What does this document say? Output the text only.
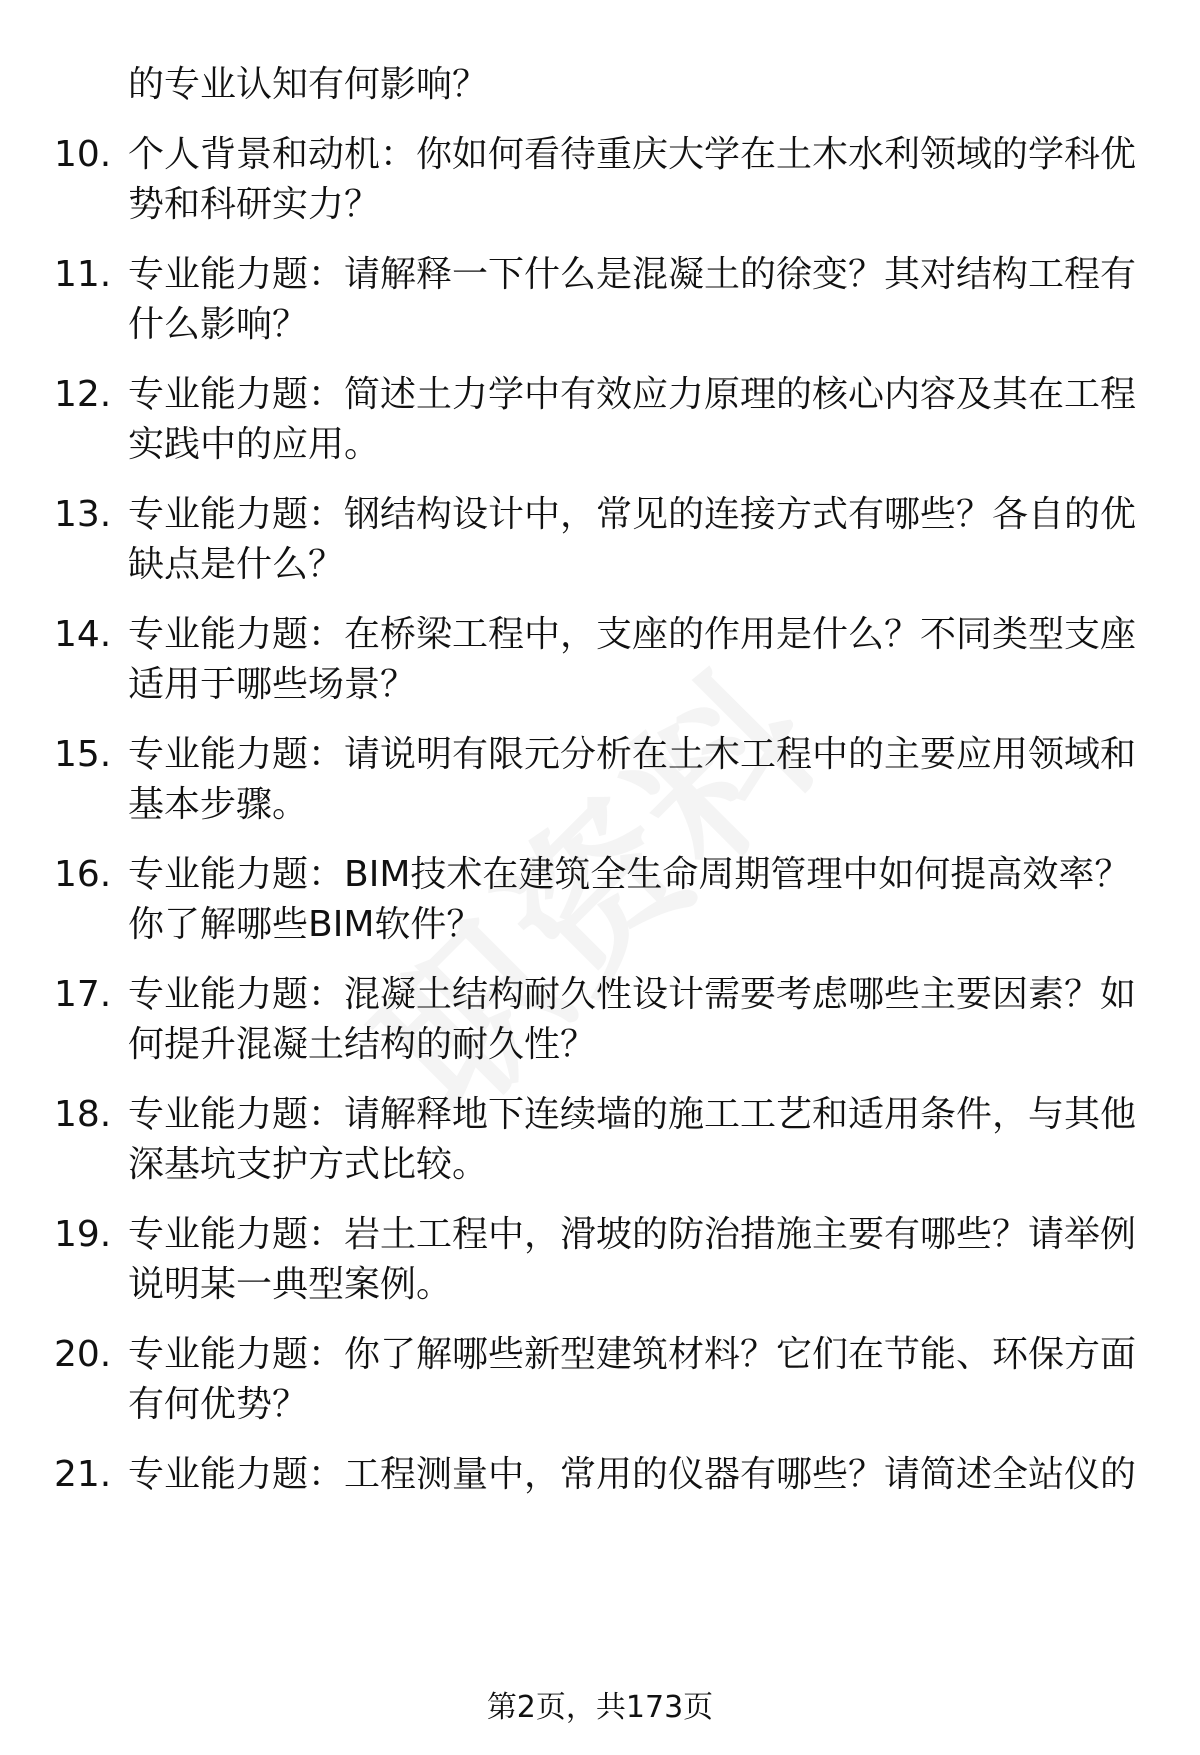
的专业认知有何影响？
10. 个人背景和动机：你如何看待重庆大学在土木水利领域的学科优势和科研实力？
11. 专业能力题：请解释一下什么是混凝土的徐变？其对结构工程有什么影响？
12. 专业能力题：简述土力学中有效应力原理的核心内容及其在工程实践中的应用。
13. 专业能力题：钢结构设计中，常见的连接方式有哪些？各自的优缺点是什么？
14. 专业能力题：在桥梁工程中，支座的作用是什么？不同类型支座适用于哪些场景？
15. 专业能力题：请说明有限元分析在土木工程中的主要应用领域和基本步骤。
16. 专业能力题：BIM技术在建筑全生命周期管理中如何提高效率？你了解哪些BIM软件？
17. 专业能力题：混凝土结构耐久性设计需要考虑哪些主要因素？如何提升混凝土结构的耐久性？
18. 专业能力题：请解释地下连续墙的施工工艺和适用条件，与其他深基坑支护方式比较。
19. 专业能力题：岩土工程中，滑坡的防治措施主要有哪些？请举例说明某一典型案例。
20. 专业能力题：你了解哪些新型建筑材料？它们在节能、环保方面有何优势？
21. 专业能力题：工程测量中，常用的仪器有哪些？请简述全站仪的
第2页，共173页
